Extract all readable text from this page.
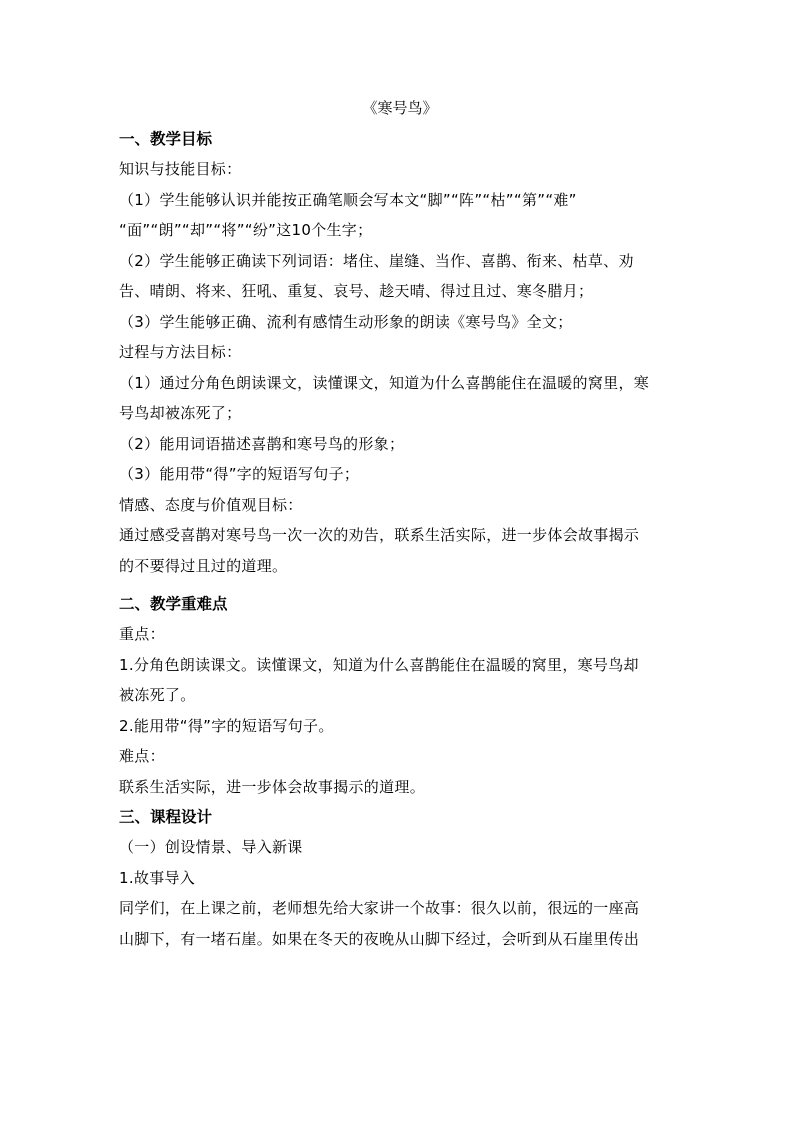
《寒号鸟》
一、教学目标
知识与技能目标：
（1）学生能够认识并能按正确笔顺会写本文“脚”“阵”“枯”“第”“难”
“面”“朗”“却”“将”“纷”这10个生字；
（2）学生能够正确读下列词语：堵住、崖缝、当作、喜鹊、衔来、枯草、劝
告、晴朗、将来、狂吼、重复、哀号、趁天晴、得过且过、寒冬腊月；
（3）学生能够正确、流利有感情生动形象的朗读《寒号鸟》全文；
过程与方法目标：
（1）通过分角色朗读课文，读懂课文，知道为什么喜鹊能住在温暖的窝里，寒
号鸟却被冻死了；
（2）能用词语描述喜鹊和寒号鸟的形象；
（3）能用带“得”字的短语写句子；
情感、态度与价值观目标：
通过感受喜鹊对寒号鸟一次一次的劝告，联系生活实际，进一步体会故事揭示
的不要得过且过的道理。
二、教学重难点
重点：
1.分角色朗读课文。读懂课文，知道为什么喜鹊能住在温暖的窝里，寒号鸟却
被冻死了。
2.能用带“得”字的短语写句子。
难点：
联系生活实际，进一步体会故事揭示的道理。
三、课程设计
（一）创设情景、导入新课
1.故事导入
同学们，在上课之前，老师想先给大家讲一个故事：很久以前，很远的一座高
山脚下，有一堵石崖。如果在冬天的夜晚从山脚下经过，会听到从石崖里传出
